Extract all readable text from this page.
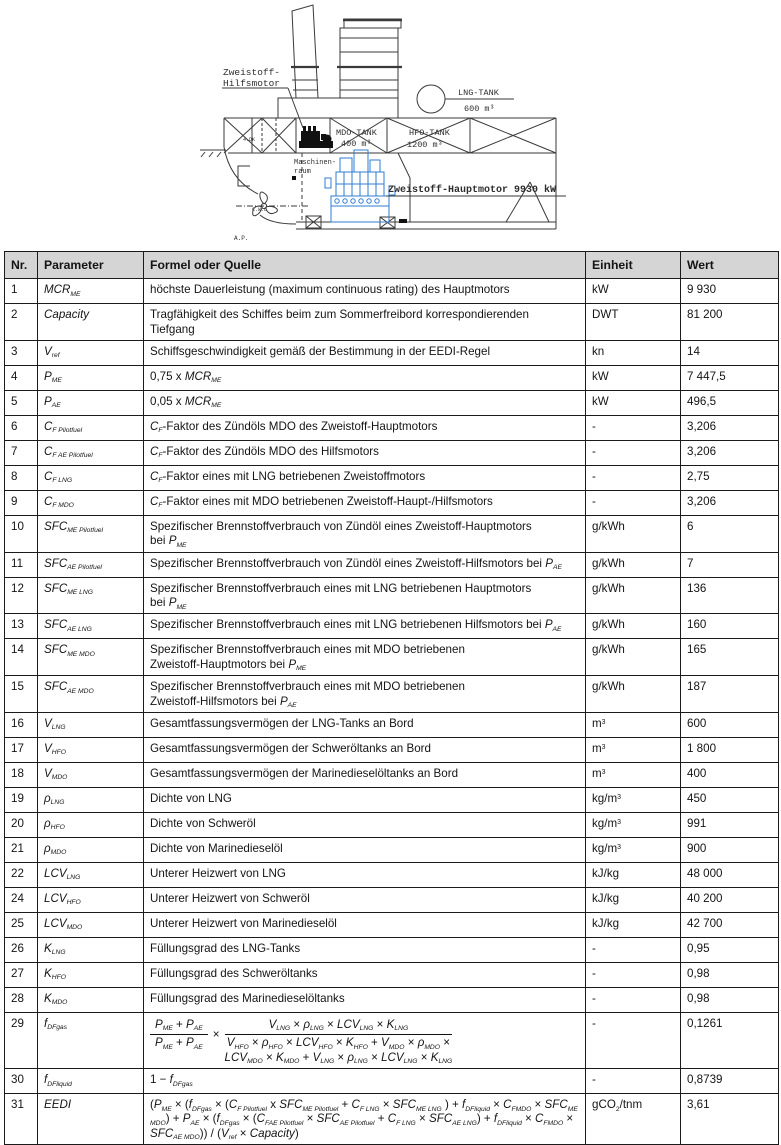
Zweistoff-
Hilfsmotor
LNG-TANK
600 m³
MDO-TANK
400 m³
HFO-TANK
1200 m³
Maschinen-
raum
Zweistoff-Hauptmotor 9930 kW
4.DK
C.W.L
A.P.
Nr.	Parameter	Formel oder Quelle	Einheit	Wert
1	$MCR_{ME}$	höchste Dauerleistung (maximum continuous rating) des Hauptmotors	kW	9 930
2	Capacity	Tragfähigkeit des Schiffes beim zum Sommerfreibord korrespondierenden
Tiefgang	DWT	81 200
3	$V_{ref}$	Schiffsgeschwindigkeit gemäß der Bestimmung in der EEDI-Regel	kn	14
4	$P_{ME}$	0,75 x $MCR_{ME}$	kW	7 447,5
5	$P_{AE}$	0,05 x $MCR_{ME}$	kW	496,5
6	$C_{F Pilotfuel}$	$C_F$-Faktor des Zündöls MDO des Zweistoff-Hauptmotors	-	3,206
7	$C_{F AE Pilotfuel}$	$C_F$-Faktor des Zündöls MDO des Hilfsmotors	-	3,206
8	$C_{F LNG}$	$C_F$-Faktor eines mit LNG betriebenen Zweistoffmotors	-	2,75
9	$C_{F MDO}$	$C_F$-Faktor eines mit MDO betriebenen Zweistoff-Haupt-/Hilfsmotors	-	3,206
10	$SFC_{ME Pilotfuel}$	Spezifischer Brennstoffverbrauch von Zündöl eines Zweistoff-Hauptmotors
bei $P_{ME}$	g/kWh	6
11	$SFC_{AE Pilotfuel}$	Spezifischer Brennstoffverbrauch von Zündöl eines Zweistoff-Hilfsmotors bei $P_{AE}$	g/kWh	7
12	$SFC_{ME LNG}$	Spezifischer Brennstoffverbrauch eines mit LNG betriebenen Hauptmotors
bei $P_{ME}$	g/kWh	136
13	$SFC_{AE LNG}$	Spezifischer Brennstoffverbrauch eines mit LNG betriebenen Hilfsmotors bei $P_{AE}$	g/kWh	160
14	$SFC_{ME MDO}$	Spezifischer Brennstoffverbrauch eines mit MDO betriebenen
Zweistoff-Hauptmotors bei $P_{ME}$	g/kWh	165
15	$SFC_{AE MDO}$	Spezifischer Brennstoffverbrauch eines mit MDO betriebenen
Zweistoff-Hilfsmotors bei $P_{AE}$	g/kWh	187
16	$V_{LNG}$	Gesamtfassungsvermögen der LNG-Tanks an Bord	$m^3$	600
17	$V_{HFO}$	Gesamtfassungsvermögen der Schweröltanks an Bord	$m^3$	1 800
18	$V_{MDO}$	Gesamtfassungsvermögen der Marinedieselöltanks an Bord	$m^3$	400
19	$\rho_{LNG}$	Dichte von LNG	$kg/m^3$	450
20	$\rho_{HFO}$	Dichte von Schweröl	$kg/m^3$	991
21	$\rho_{MDO}$	Dichte von Marinedieselöl	$kg/m^3$	900
22	$LCV_{LNG}$	Unterer Heizwert von LNG	kJ/kg	48 000
24	$LCV_{HFO}$	Unterer Heizwert von Schweröl	kJ/kg	40 200
25	$LCV_{MDO}$	Unterer Heizwert von Marinedieselöl	kJ/kg	42 700
26	$K_{LNG}$	Füllungsgrad des LNG-Tanks	-	0,95
27	$K_{HFO}$	Füllungsgrad des Schweröltanks	-	0,98
28	$K_{MDO}$	Füllungsgrad des Marinedieselöltanks	-	0,98
29	$f_{DFgas}$	$\frac{P_{ME} + P_{AE}}{P_{ME} + P_{AE}}$ ×
$V_{LNG} \times \rho_{LNG} \times LCV_{LNG} \times K_{LNG}$
$V_{HFO} \times \rho_{HFO} \times LCV_{HFO} \times K_{HFO} + V_{MDO} \times \rho_{MDO}$ ×
$LCV_{MDO} \times K_{MDO} + V_{LNG} \times \rho_{LNG} \times LCV_{LNG} \times K_{LNG}$
	-	0,1261
30	$f_{DFliquid}$	$1 - f_{DFgas}$	-	0,8739
31	EEDI	($P_{ME} \times (f_{DFgas} \times (C_{F Pilotfuel}$ x $SFC_{ME Pilotfuel} + C_{F LNG} \times SFC_{ME LNG}$ ) + $f_{DFliquid} \times C_{FMDO} \times SFC_{ME MDO}) + P_{AE} \times (f_{DFgas} \times (C_{FAE Pilotfuel} \times SFC_{AE Pilotfuel} + C_{F LNG} \times SFC_{AE LNG}) + f_{DFliquid} \times C_{FMDO} \times SFC_{AE MDO})) / (V_{ref}$ × Capacity)	gCO$_2$/tnm	3,61
